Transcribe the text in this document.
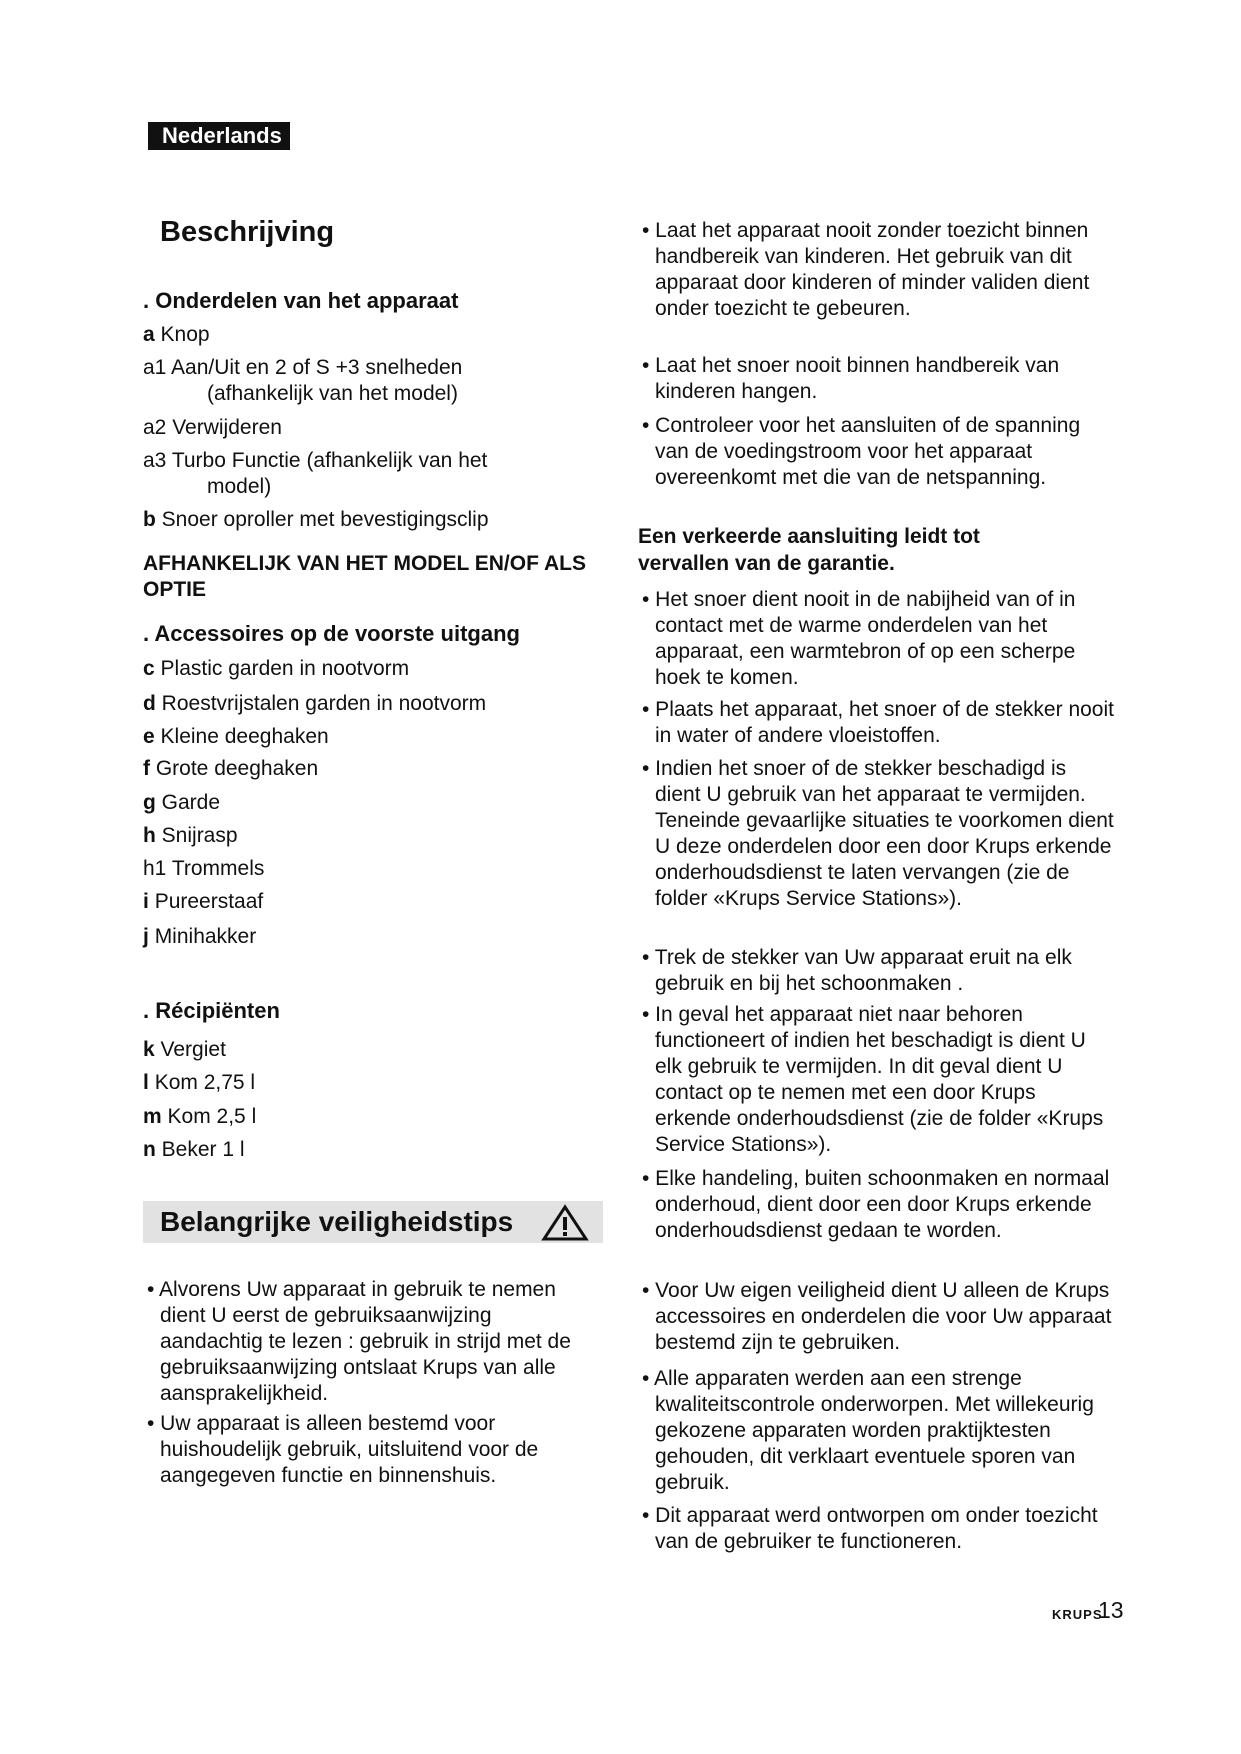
Nederlands
Beschrijving
. Onderdelen van het apparaat
a Knop
a1 Aan/Uit en 2 of S +3 snelheden
(afhankelijk van het model)
a2 Verwijderen
a3 Turbo Functie (afhankelijk van het
model)
b Snoer oproller met bevestigingsclip
AFHANKELIJK VAN HET MODEL EN/OF ALS OPTIE
. Accessoires op de voorste uitgang
c Plastic garden in nootvorm
d Roestvrijstalen garden in nootvorm
e Kleine deeghaken
f Grote deeghaken
g Garde
h Snijrasp
h1 Trommels
i Pureerstaaf
j Minihakker
. Récipiënten
k Vergiet
l Kom 2,75 l
m Kom 2,5 l
n Beker 1 l
Belangrijke veiligheidstips
• Alvorens Uw apparaat in gebruik te nemen dient U eerst de gebruiksaanwijzing aandachtig te lezen : gebruik in strijd met de gebruiksaanwijzing ontslaat Krups van alle aansprakelijkheid.
• Uw apparaat is alleen bestemd voor huishoudelijk gebruik, uitsluitend voor de aangegeven functie en binnenshuis.
• Laat het apparaat nooit zonder toezicht binnen handbereik van kinderen. Het gebruik van dit apparaat door kinderen of minder validen dient onder toezicht te gebeuren.
• Laat het snoer nooit binnen handbereik van kinderen hangen.
• Controleer voor het aansluiten of de spanning van de voedingstroom voor het apparaat overeenkomt met die van de netspanning.
Een verkeerde aansluiting leidt tot vervallen van de garantie.
• Het snoer dient nooit in de nabijheid van of in contact met de warme onderdelen van het apparaat, een warmtebron of op een scherpe hoek te komen.
• Plaats het apparaat, het snoer of de stekker nooit in water of andere vloeistoffen.
• Indien het snoer of de stekker beschadigd is dient U gebruik van het apparaat te vermijden. Teneinde gevaarlijke situaties te voorkomen dient U deze onderdelen door een door Krups erkende onderhoudsdienst te laten vervangen (zie de folder «Krups Service Stations»).
• Trek de stekker van Uw apparaat eruit na elk gebruik en bij het schoonmaken .
• In geval het apparaat niet naar behoren functioneert of indien het beschadigt is dient U elk gebruik te vermijden. In dit geval dient U contact op te nemen met een door Krups erkende onderhoudsdienst (zie de folder «Krups Service Stations»).
• Elke handeling, buiten schoonmaken en normaal onderhoud, dient door een door Krups erkende onderhoudsdienst gedaan te worden.
• Voor Uw eigen veiligheid dient U alleen de Krups accessoires en onderdelen die voor Uw apparaat bestemd zijn te gebruiken.
• Alle apparaten werden aan een strenge kwaliteitscontrole onderworpen. Met willekeurig gekozene apparaten worden praktijktesten gehouden, dit verklaart eventuele sporen van gebruik.
• Dit apparaat werd ontworpen om onder toezicht van de gebruiker te functioneren.
KRUPS
13
